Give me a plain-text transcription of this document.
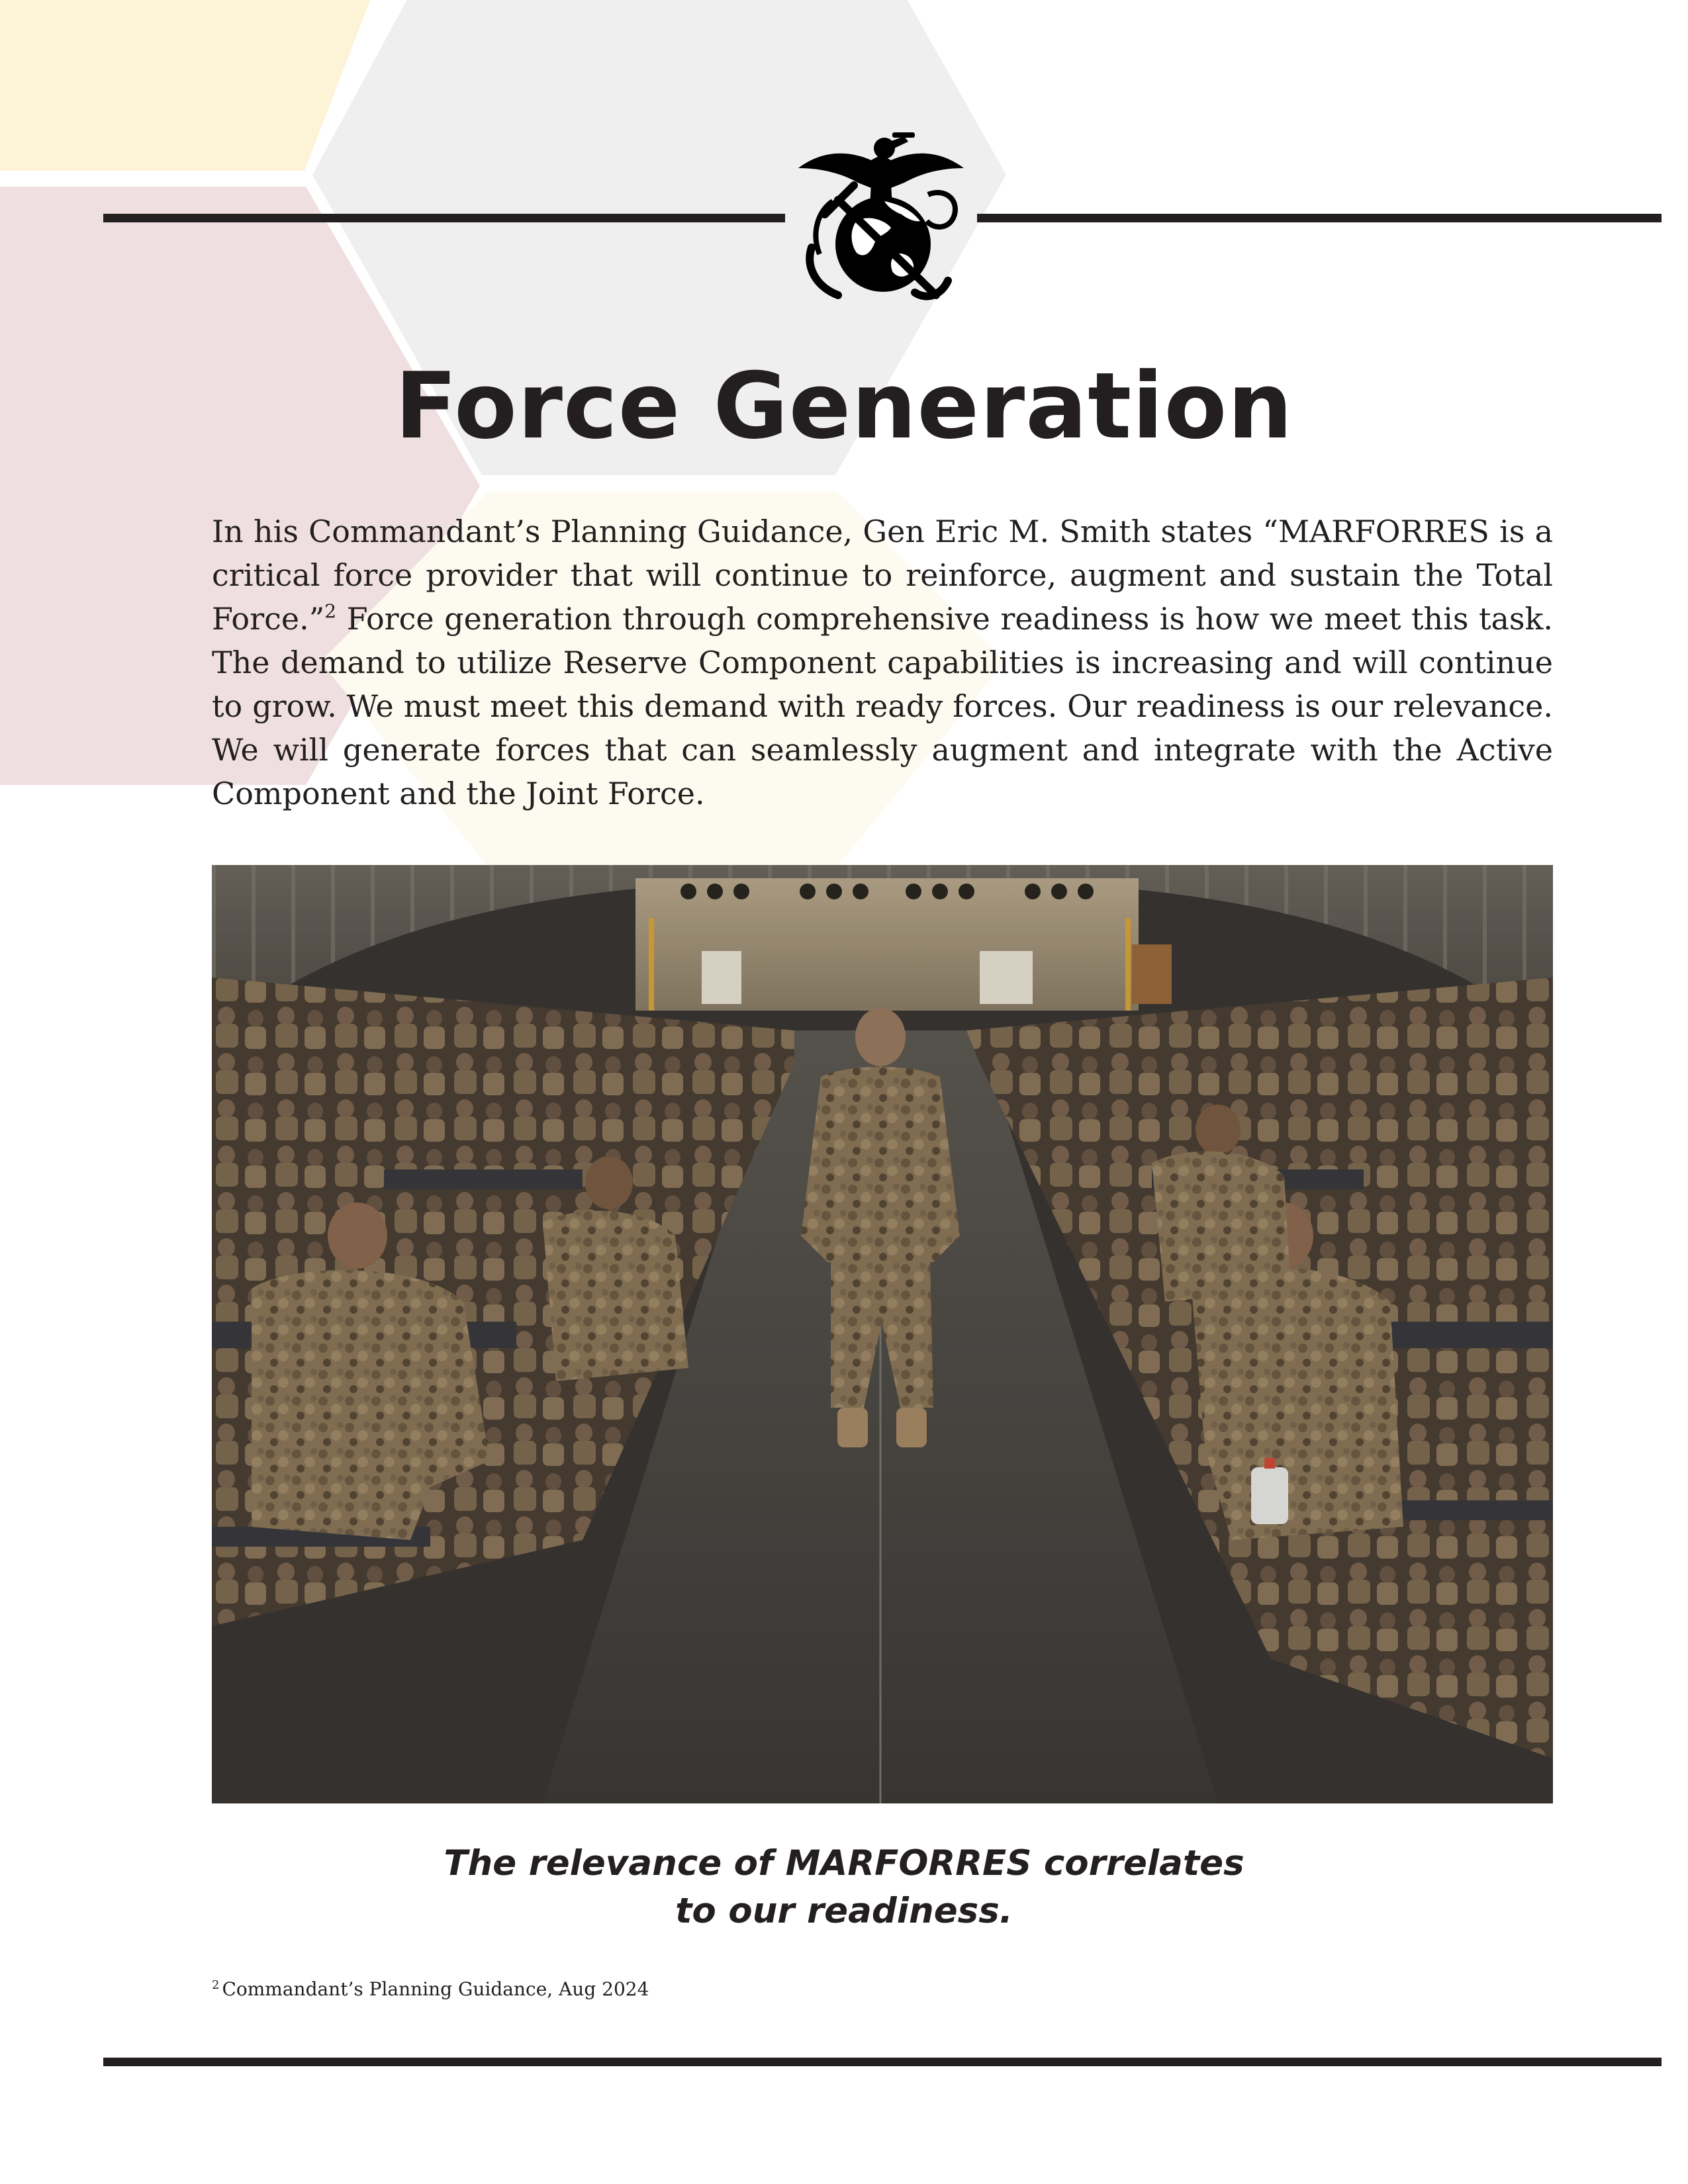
Force Generation
In his Commandant’s Planning Guidance, Gen Eric M. Smith states “MARFORRES is a critical force provider that will continue to reinforce, augment and sustain the Total Force.”$^2$ Force generation through comprehensive readiness is how we meet this task. The demand to utilize Reserve Component capabilities is increasing and will continue to grow. We must meet this demand with ready forces. Our readiness is our relevance. We will generate forces that can seamlessly augment and integrate with the Active Component and the Joint Force.
The relevance of MARFORRES correlates
to our readiness.
$^2$ Commandant’s Planning Guidance, Aug 2024
